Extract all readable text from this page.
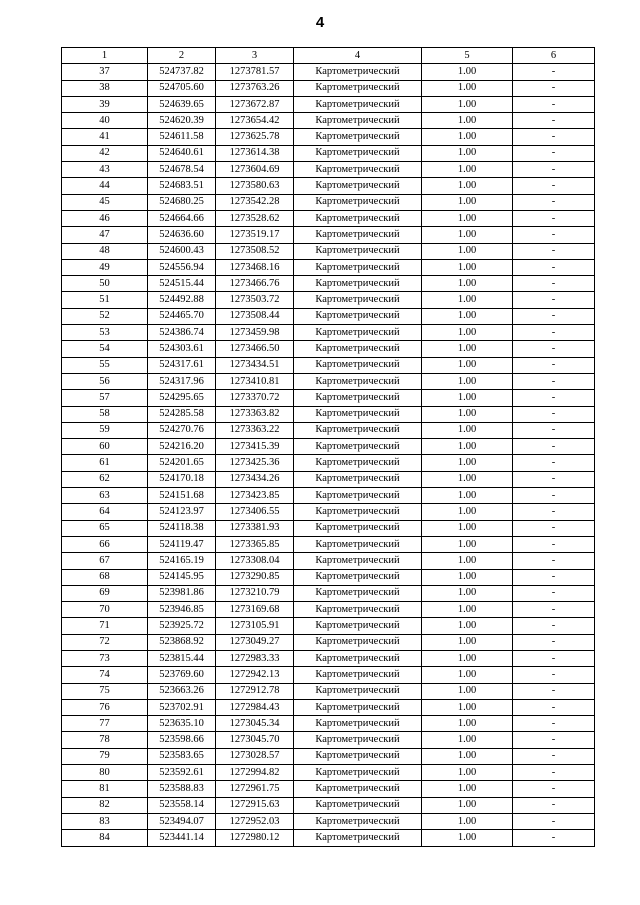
4
1	2	3	4	5	6
37	524737.82	1273781.57	Картометрический	1.00	-
38	524705.60	1273763.26	Картометрический	1.00	-
39	524639.65	1273672.87	Картометрический	1.00	-
40	524620.39	1273654.42	Картометрический	1.00	-
41	524611.58	1273625.78	Картометрический	1.00	-
42	524640.61	1273614.38	Картометрический	1.00	-
43	524678.54	1273604.69	Картометрический	1.00	-
44	524683.51	1273580.63	Картометрический	1.00	-
45	524680.25	1273542.28	Картометрический	1.00	-
46	524664.66	1273528.62	Картометрический	1.00	-
47	524636.60	1273519.17	Картометрический	1.00	-
48	524600.43	1273508.52	Картометрический	1.00	-
49	524556.94	1273468.16	Картометрический	1.00	-
50	524515.44	1273466.76	Картометрический	1.00	-
51	524492.88	1273503.72	Картометрический	1.00	-
52	524465.70	1273508.44	Картометрический	1.00	-
53	524386.74	1273459.98	Картометрический	1.00	-
54	524303.61	1273466.50	Картометрический	1.00	-
55	524317.61	1273434.51	Картометрический	1.00	-
56	524317.96	1273410.81	Картометрический	1.00	-
57	524295.65	1273370.72	Картометрический	1.00	-
58	524285.58	1273363.82	Картометрический	1.00	-
59	524270.76	1273363.22	Картометрический	1.00	-
60	524216.20	1273415.39	Картометрический	1.00	-
61	524201.65	1273425.36	Картометрический	1.00	-
62	524170.18	1273434.26	Картометрический	1.00	-
63	524151.68	1273423.85	Картометрический	1.00	-
64	524123.97	1273406.55	Картометрический	1.00	-
65	524118.38	1273381.93	Картометрический	1.00	-
66	524119.47	1273365.85	Картометрический	1.00	-
67	524165.19	1273308.04	Картометрический	1.00	-
68	524145.95	1273290.85	Картометрический	1.00	-
69	523981.86	1273210.79	Картометрический	1.00	-
70	523946.85	1273169.68	Картометрический	1.00	-
71	523925.72	1273105.91	Картометрический	1.00	-
72	523868.92	1273049.27	Картометрический	1.00	-
73	523815.44	1272983.33	Картометрический	1.00	-
74	523769.60	1272942.13	Картометрический	1.00	-
75	523663.26	1272912.78	Картометрический	1.00	-
76	523702.91	1272984.43	Картометрический	1.00	-
77	523635.10	1273045.34	Картометрический	1.00	-
78	523598.66	1273045.70	Картометрический	1.00	-
79	523583.65	1273028.57	Картометрический	1.00	-
80	523592.61	1272994.82	Картометрический	1.00	-
81	523588.83	1272961.75	Картометрический	1.00	-
82	523558.14	1272915.63	Картометрический	1.00	-
83	523494.07	1272952.03	Картометрический	1.00	-
84	523441.14	1272980.12	Картометрический	1.00	-
